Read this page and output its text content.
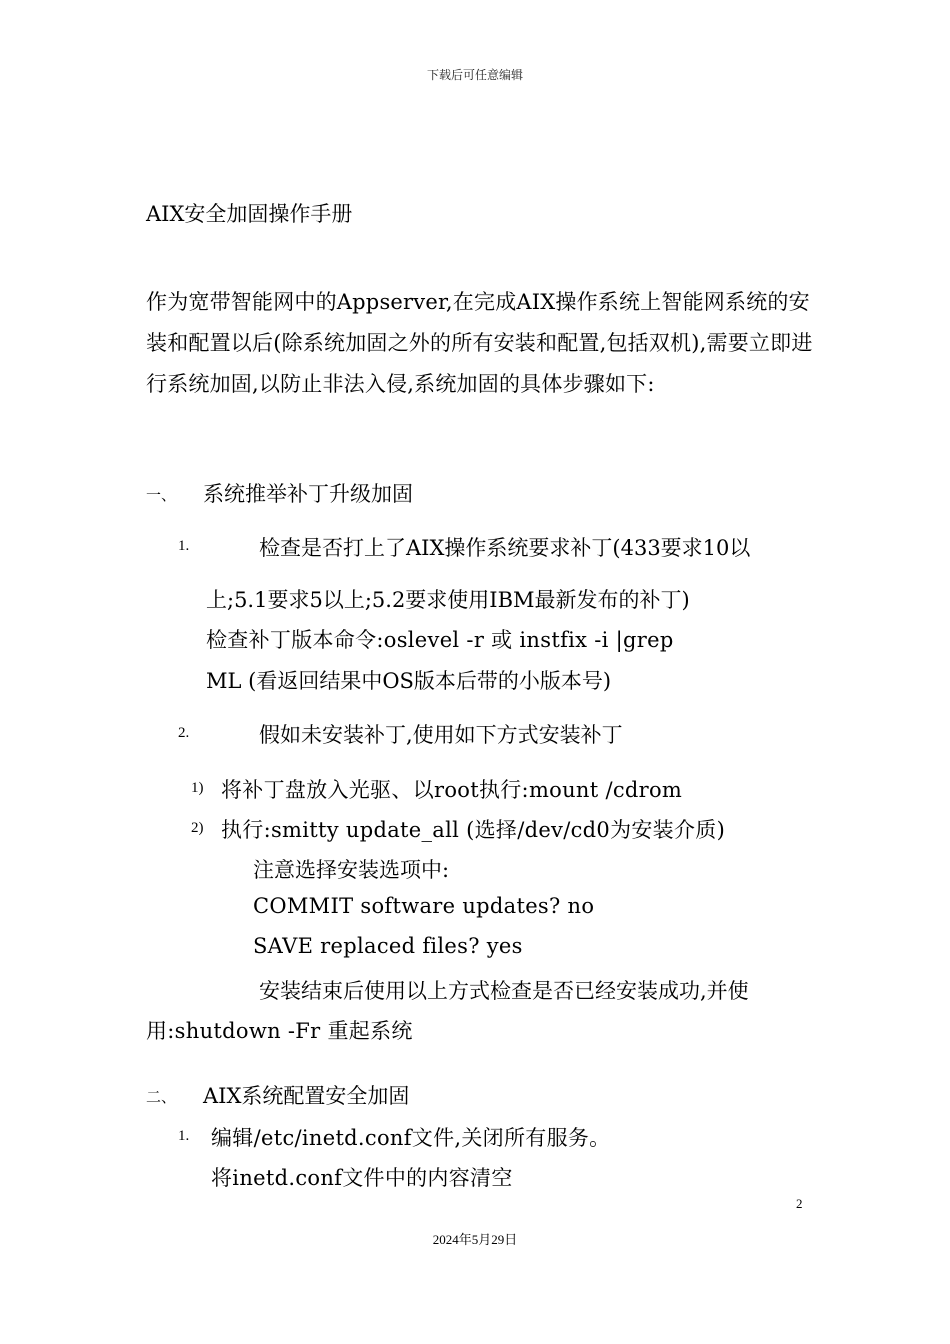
下载后可任意编辑
AIX安全加固操作手册
作为宽带智能网中的Appserver,在完成AIX操作系统上智能网系统的安装和配置以后(除系统加固之外的所有安装和配置,包括双机),需要立即进行系统加固,以防止非法入侵,系统加固的具体步骤如下:
一、 系统推举补丁升级加固
1.	检查是否打上了AIX操作系统要求补丁(433要求10以
上;5.1要求5以上;5.2要求使用IBM最新发布的补丁)
检查补丁版本命令:oslevel -r 或 instfix -i |grep
ML (看返回结果中OS版本后带的小版本号)
2.	假如未安装补丁,使用如下方式安装补丁
1) 将补丁盘放入光驱、以root执行:mount /cdrom
2) 执行:smitty update_all (选择/dev/cd0为安装介质)
注意选择安装选项中:
COMMIT software updates? no
SAVE replaced files? yes
安装结束后使用以上方式检查是否已经安装成功,并使
用:shutdown -Fr 重起系统
二、 AIX系统配置安全加固
1. 编辑/etc/inetd.conf文件,关闭所有服务。
将inetd.conf文件中的内容清空
2
2024年5月29日
